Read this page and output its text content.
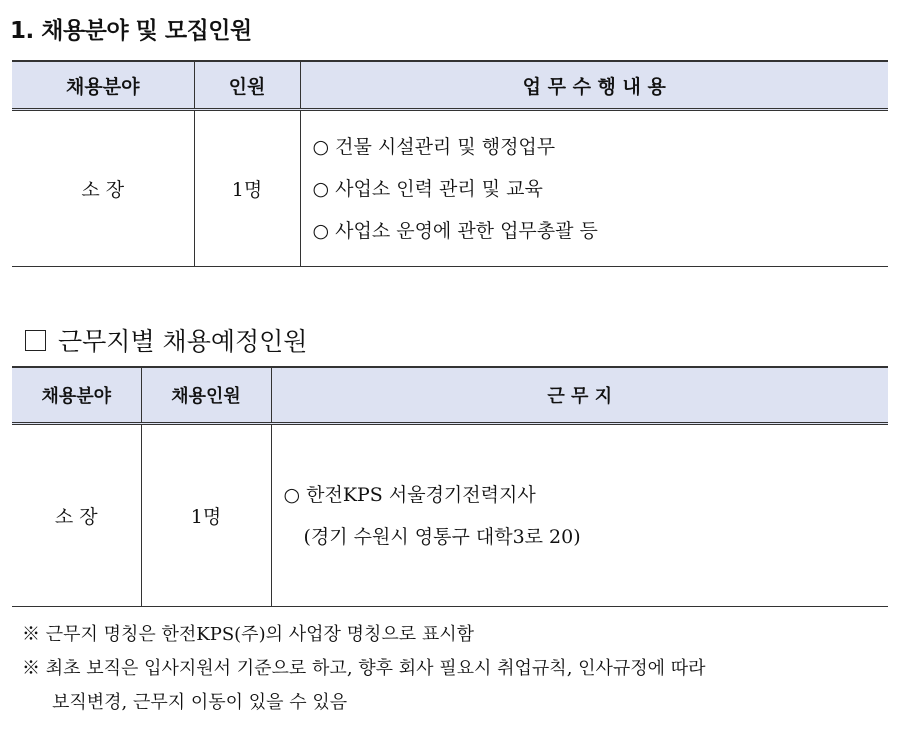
1. 채용분야 및 모집인원
채용분야	인원	업 무 수 행 내 용
소 장	1명	○ 건물 시설관리 및 행정업무
○ 사업소 인력 관리 및 교육
○ 사업소 운영에 관한 업무총괄 등
근무지별 채용예정인원
채용분야	채용인원	근 무 지
소 장	1명	○ 한전KPS 서울경기전력지사
(경기 수원시 영통구 대학3로 20)
※ 근무지 명칭은 한전KPS(주)의 사업장 명칭으로 표시함
※ 최초 보직은 입사지원서 기준으로 하고, 향후 회사 필요시 취업규칙, 인사규정에 따라
보직변경, 근무지 이동이 있을 수 있음
